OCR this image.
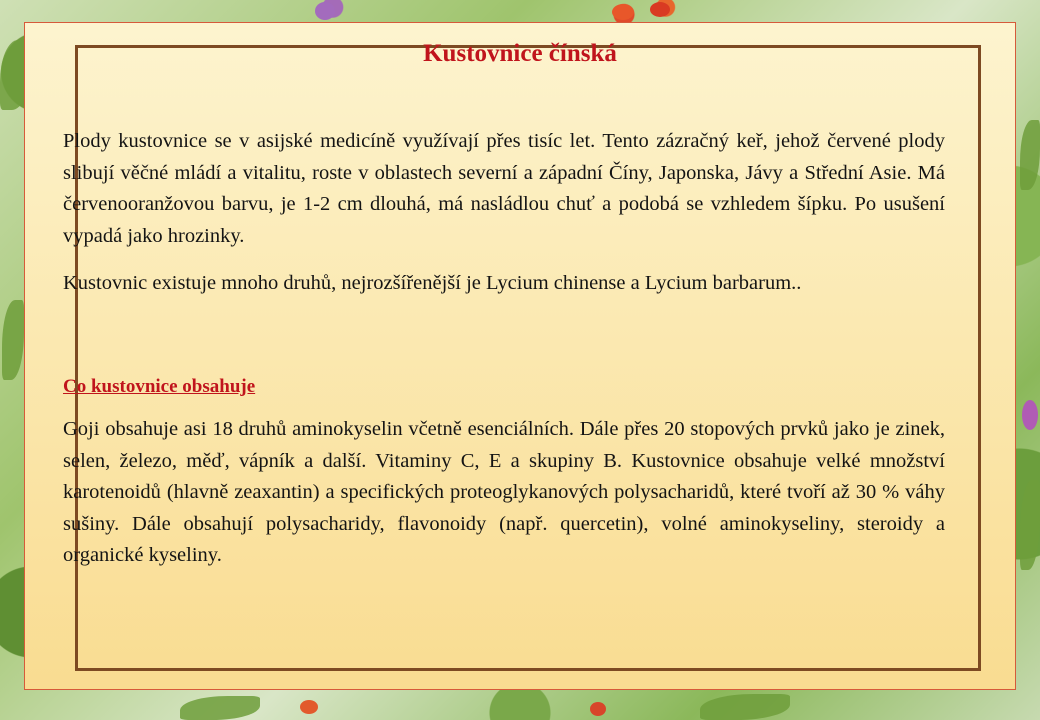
Kustovnice čínská

Plody kustovnice se v asijské medicíně využívají přes tisíc let. Tento zázračný keř, jehož červené plody slibují věčné mládí a vitalitu, roste v oblastech severní a západní Číny, Japonska, Jávy a Střední Asie. Má červenooranžovou barvu, je 1-2 cm dlouhá, má nasládlou chuť a podobá se vzhledem šípku. Po usušení vypadá jako hrozinky.

Kustovnic existuje mnoho druhů, nejrozšířenější je Lycium chinense a Lycium barbarum..

Co kustovnice obsahuje

Goji obsahuje asi 18 druhů aminokyselin včetně esenciálních. Dále přes 20 stopových prvků jako je zinek, selen, železo, měď, vápník a další. Vitaminy C, E a skupiny B. Kustovnice obsahuje velké množství karotenoidů (hlavně zeaxantin) a specifických proteoglykanových polysacharidů, které tvoří až 30 % váhy sušiny. Dále obsahují polysacharidy, flavonoidy (např. quercetin), volné aminokyseliny, steroidy a organické kyseliny.
